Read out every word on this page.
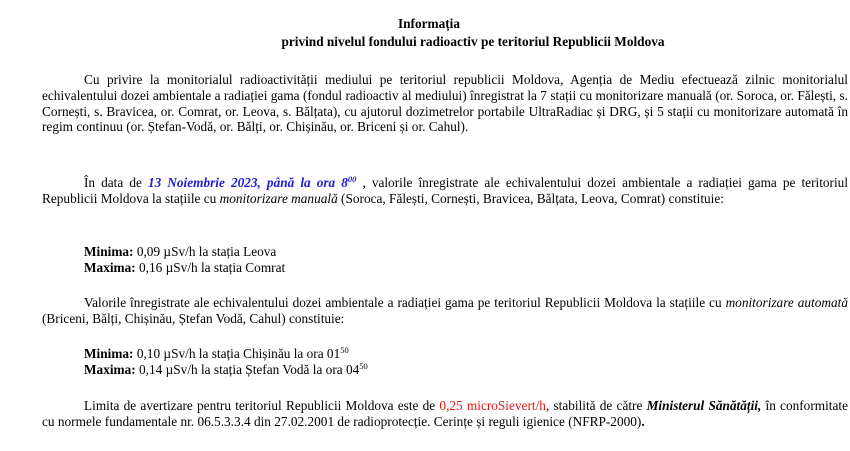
Informația
privind nivelul fondului radioactiv pe teritoriul Republicii Moldova

Cu privire la monitorialul radioactivității mediului pe teritoriul republicii Moldova, Agenția de Mediu efectuează zilnic monitorialul echivalentului dozei ambientale a radiației gama (fondul radioactiv al mediului) înregistrat la 7 stații cu monitorizare manuală (or. Soroca, or. Fălești, s. Cornești, s. Bravicea, or. Comrat, or. Leova, s. Bălțata), cu ajutorul dozimetrelor portabile UltraRadiac și DRG, și 5 stații cu monitorizare automată în regim continuu (or. Ștefan-Vodă, or. Bălți, or. Chișinău, or. Briceni și or. Cahul).

În data de 13 Noiembrie 2023, până la ora $8^{00}$ , valorile înregistrate ale echivalentului dozei ambientale a radiației gama pe teritoriul Republicii Moldova la stațiile cu monitorizare manuală (Soroca, Fălești, Cornești, Bravicea, Bălțata, Leova, Comrat) constituie:

Minima: 0,09 µSv/h la stația Leova
Maxima: 0,16 µSv/h la stația Comrat

Valorile înregistrate ale echivalentului dozei ambientale a radiației gama pe teritoriul Republicii Moldova la stațiile cu monitorizare automată (Briceni, Bălți, Chișinău, Ștefan Vodă, Cahul) constituie:

Minima: 0,10 µSv/h la stația Chișinău la ora $01^{50}$
Maxima: 0,14 µSv/h la stația Ștefan Vodă la ora $04^{50}$

Limita de avertizare pentru teritoriul Republicii Moldova este de 0,25 microSievert/h, stabilită de către Ministerul Sănătății, în conformitate cu normele fundamentale nr. 06.5.3.3.4 din 27.02.2001 de radioprotecție. Cerințe și reguli igienice (NFRP-2000).
